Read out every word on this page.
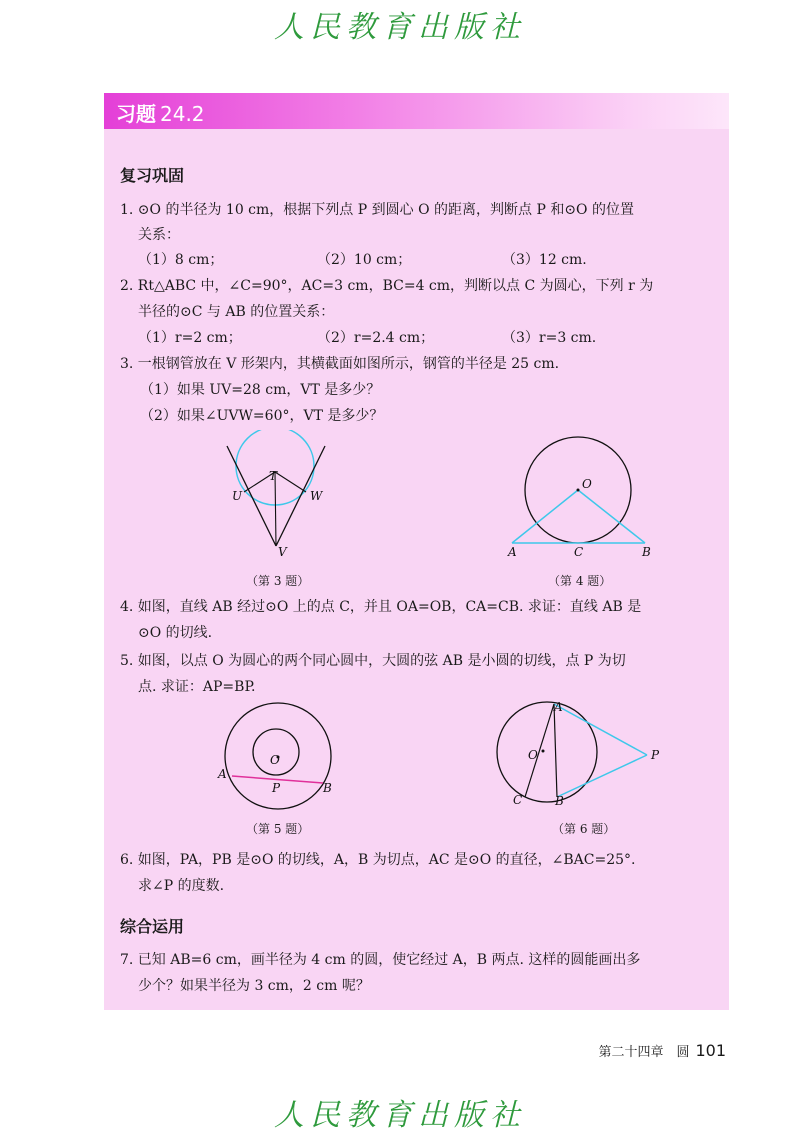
人民教育出版社
习题 24.2
复习巩固
1. ⊙O 的半径为 10 cm，根据下列点 P 到圆心 O 的距离，判断点 P 和⊙O 的位置
关系：
（1）8 cm；	（2）10 cm；	（3）12 cm.
2. Rt△ABC 中，∠C=90°，AC=3 cm，BC=4 cm，判断以点 C 为圆心，下列 r 为
半径的⊙C 与 AB 的位置关系：
（1）r=2 cm；	（2）r=2.4 cm；	（3）r=3 cm.
3. 一根钢管放在 V 形架内，其横截面如图所示，钢管的半径是 25 cm.
（1）如果 UV=28 cm，VT 是多少？
（2）如果∠UVW=60°，VT 是多少？
T
U	W
V
（第 3 题）
O
A	C	B
（第 4 题）
4. 如图，直线 AB 经过⊙O 上的点 C，并且 OA=OB，CA=CB. 求证：直线 AB 是
⊙O 的切线.
5. 如图，以点 O 为圆心的两个同心圆中，大圆的弦 AB 是小圆的切线，点 P 为切
点. 求证：AP=BP.
O
A
P	B
（第 5 题）
A
O	P
C	B
（第 6 题）
6. 如图，PA，PB 是⊙O 的切线，A，B 为切点，AC 是⊙O 的直径，∠BAC=25°.
求∠P 的度数.
综合运用
7. 已知 AB=6 cm，画半径为 4 cm 的圆，使它经过 A，B 两点. 这样的圆能画出多
少个？如果半径为 3 cm，2 cm 呢？
第二十四章　圆 101
人民教育出版社
